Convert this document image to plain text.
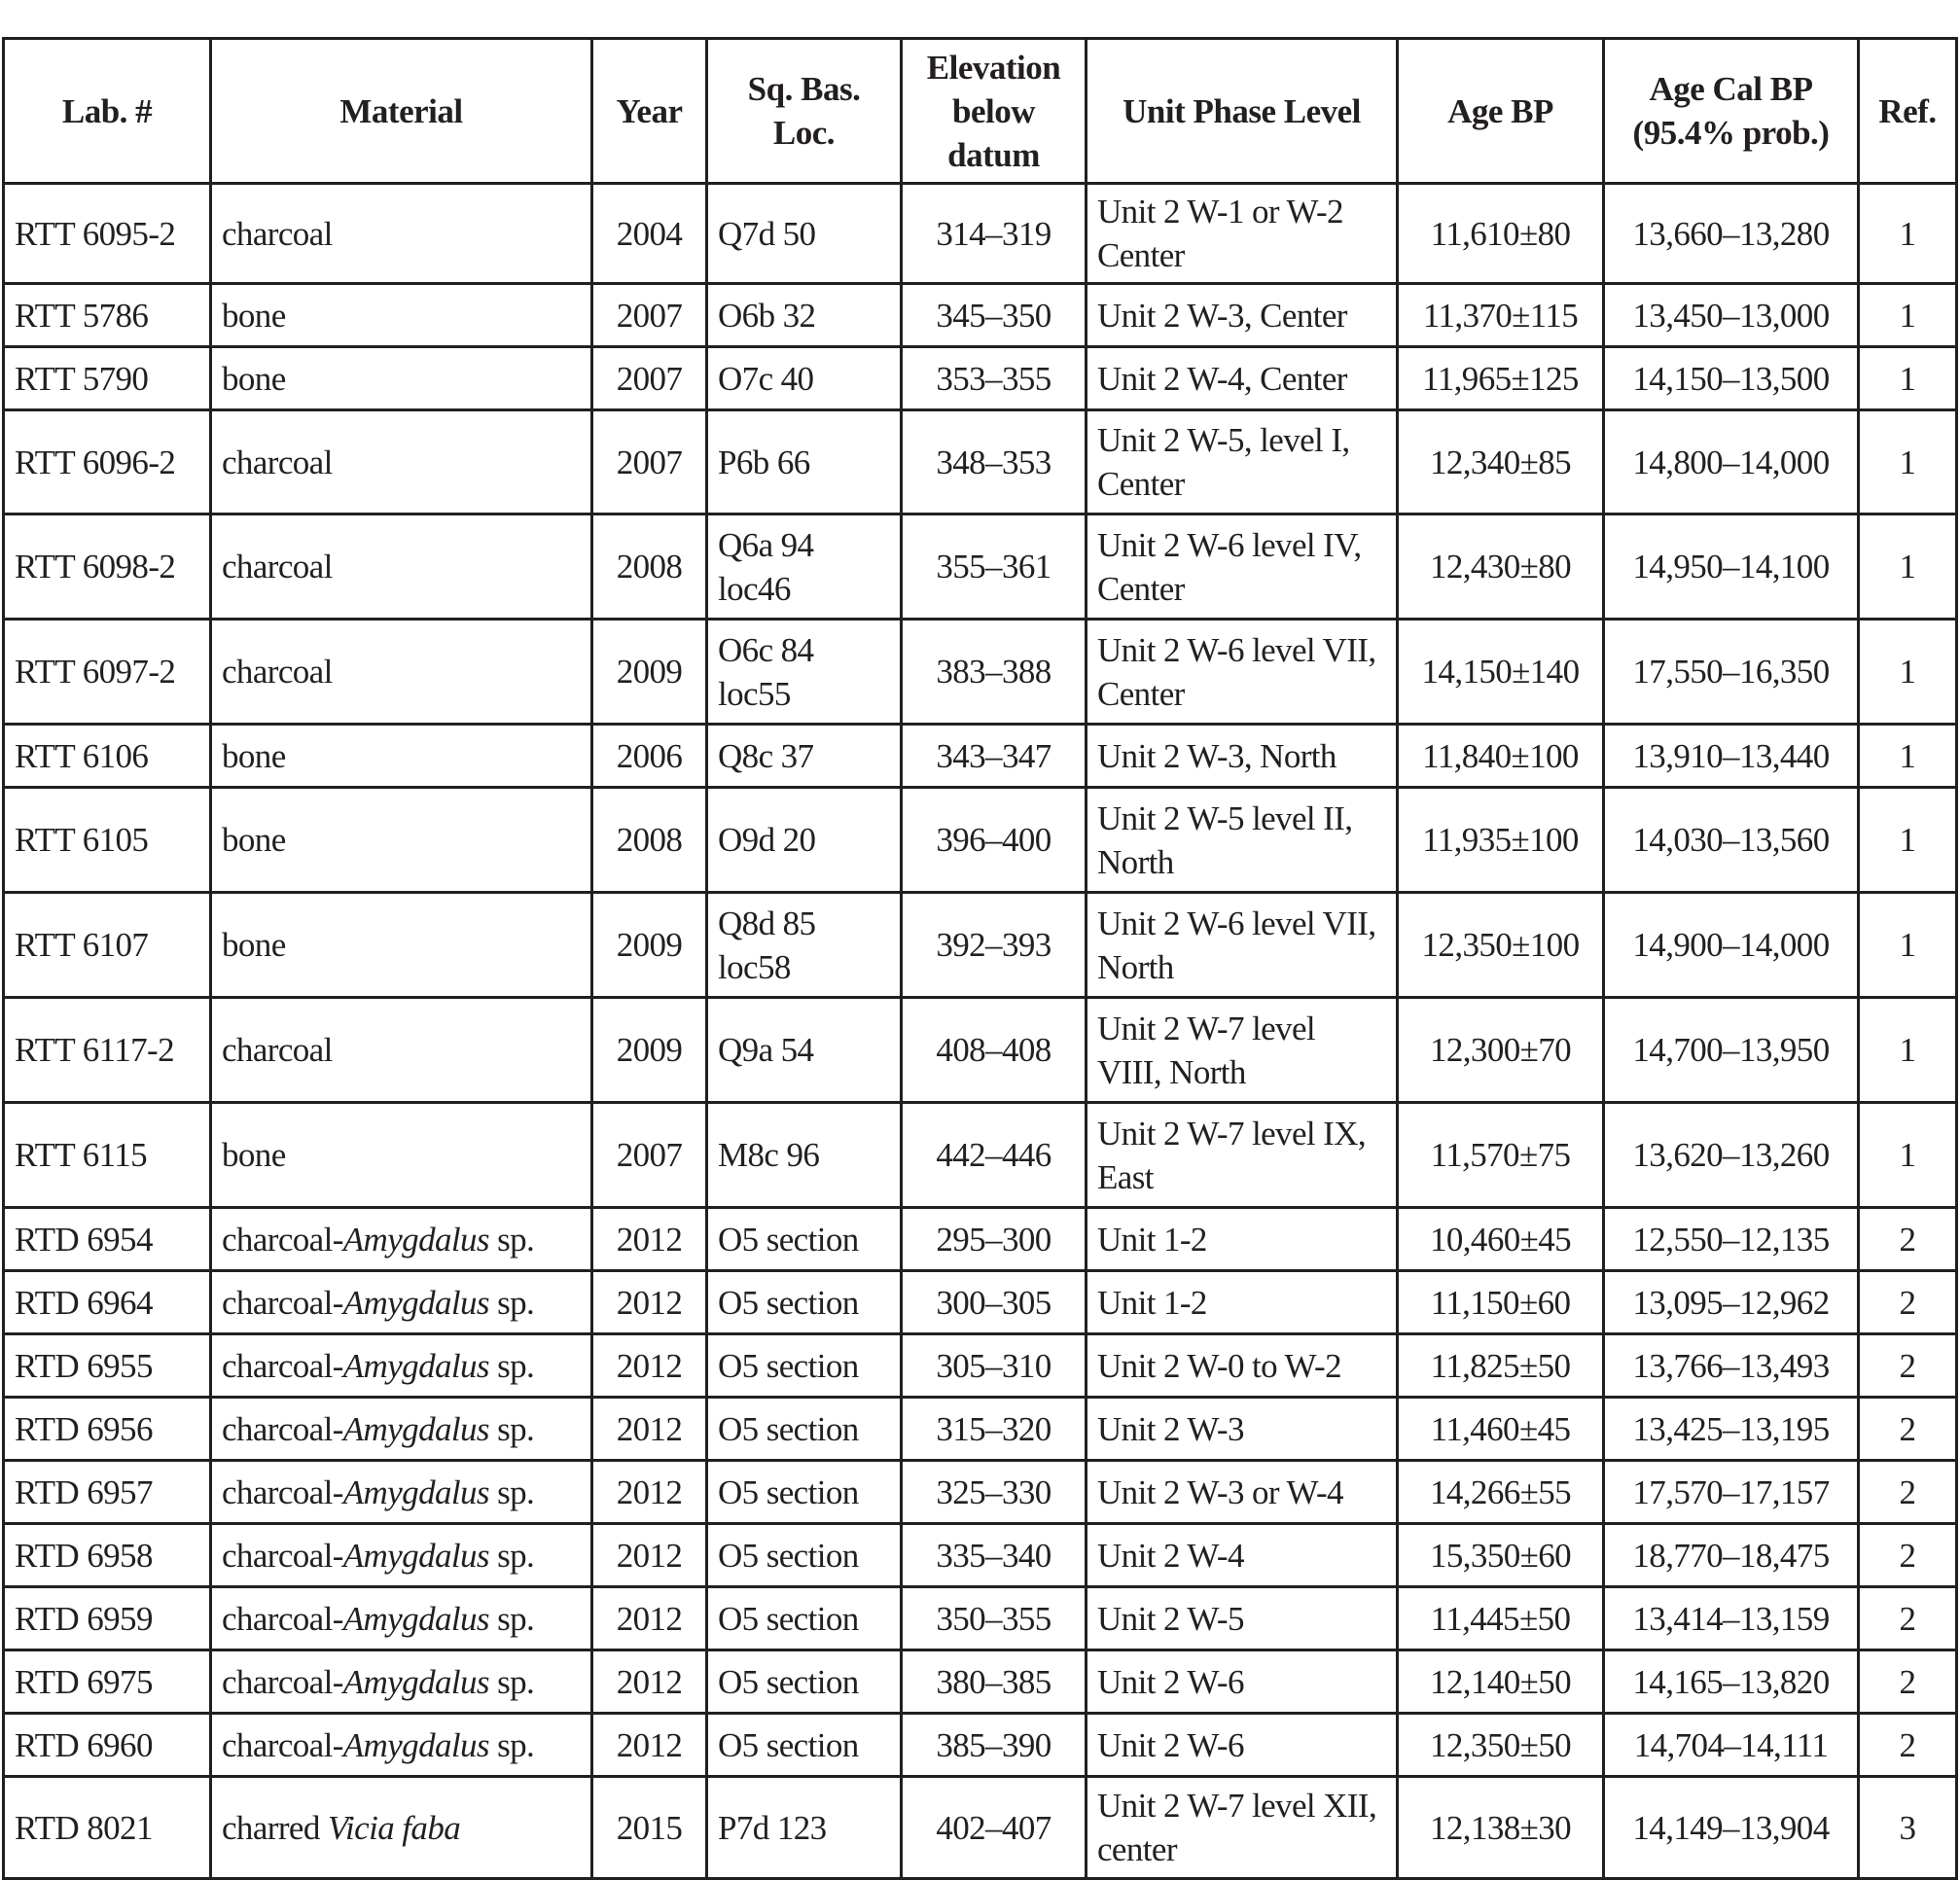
Lab. #	Material	Year	Sq. Bas. Loc.	Elevation below datum	Unit Phase Level	Age BP	Age Cal BP (95.4% prob.)	Ref.
RTT 6095-2	charcoal	2004	Q7d 50	314–319	Unit 2 W-1 or W-2 Center	11,610±80	13,660–13,280	1
RTT 5786	bone	2007	O6b 32	345–350	Unit 2 W-3, Center	11,370±115	13,450–13,000	1
RTT 5790	bone	2007	O7c 40	353–355	Unit 2 W-4, Center	11,965±125	14,150–13,500	1
RTT 6096-2	charcoal	2007	P6b 66	348–353	Unit 2 W-5, level I, Center	12,340±85	14,800–14,000	1
RTT 6098-2	charcoal	2008	Q6a 94 loc46	355–361	Unit 2 W-6 level IV, Center	12,430±80	14,950–14,100	1
RTT 6097-2	charcoal	2009	O6c 84 loc55	383–388	Unit 2 W-6 level VII, Center	14,150±140	17,550–16,350	1
RTT 6106	bone	2006	Q8c 37	343–347	Unit 2 W-3, North	11,840±100	13,910–13,440	1
RTT 6105	bone	2008	O9d 20	396–400	Unit 2 W-5 level II, North	11,935±100	14,030–13,560	1
RTT 6107	bone	2009	Q8d 85 loc58	392–393	Unit 2 W-6 level VII, North	12,350±100	14,900–14,000	1
RTT 6117-2	charcoal	2009	Q9a 54	408–408	Unit 2 W-7 level VIII, North	12,300±70	14,700–13,950	1
RTT 6115	bone	2007	M8c 96	442–446	Unit 2 W-7 level IX, East	11,570±75	13,620–13,260	1
RTD 6954	charcoal-Amygdalus sp.	2012	O5 section	295–300	Unit 1-2	10,460±45	12,550–12,135	2
RTD 6964	charcoal-Amygdalus sp.	2012	O5 section	300–305	Unit 1-2	11,150±60	13,095–12,962	2
RTD 6955	charcoal-Amygdalus sp.	2012	O5 section	305–310	Unit 2 W-0 to W-2	11,825±50	13,766–13,493	2
RTD 6956	charcoal-Amygdalus sp.	2012	O5 section	315–320	Unit 2 W-3	11,460±45	13,425–13,195	2
RTD 6957	charcoal-Amygdalus sp.	2012	O5 section	325–330	Unit 2 W-3 or W-4	14,266±55	17,570–17,157	2
RTD 6958	charcoal-Amygdalus sp.	2012	O5 section	335–340	Unit 2 W-4	15,350±60	18,770–18,475	2
RTD 6959	charcoal-Amygdalus sp.	2012	O5 section	350–355	Unit 2 W-5	11,445±50	13,414–13,159	2
RTD 6975	charcoal-Amygdalus sp.	2012	O5 section	380–385	Unit 2 W-6	12,140±50	14,165–13,820	2
RTD 6960	charcoal-Amygdalus sp.	2012	O5 section	385–390	Unit 2 W-6	12,350±50	14,704–14,111	2
RTD 8021	charred Vicia faba	2015	P7d 123	402–407	Unit 2 W-7 level XII, center	12,138±30	14,149–13,904	3
